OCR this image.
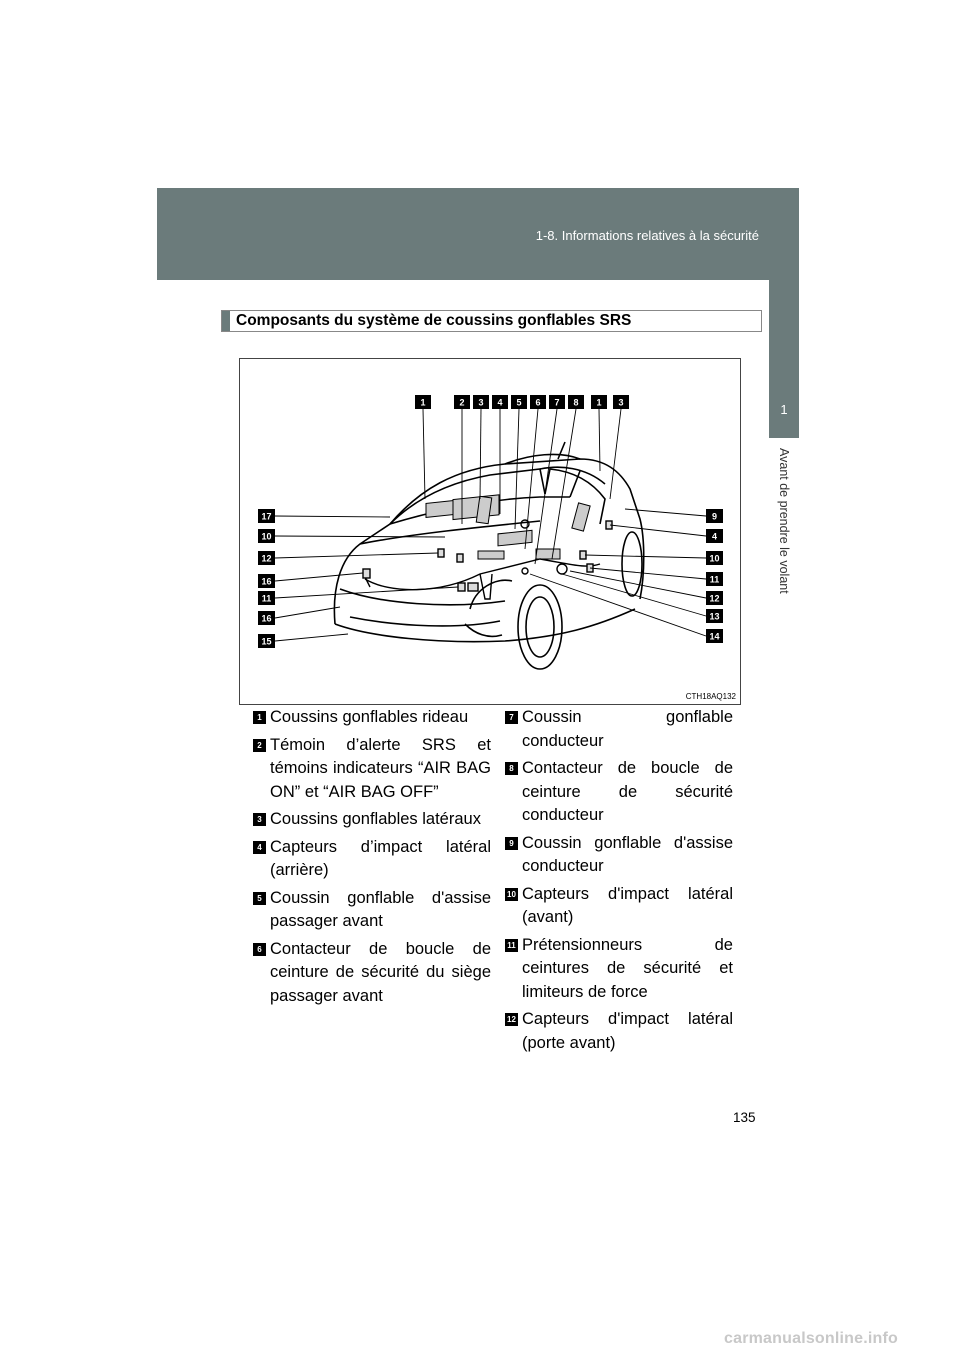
1-8. Informations relatives à la sécurité
1
Avant de prendre le volant
Composants du système de coussins gonflables SRS
1	2 3 4 5 6 7 8 1 3
17
10
12
16
11
16
15
9
4
10
11
12
13
14
CTH18AQ132
1 Coussins gonflables rideau
2 Témoin d’alerte SRS et témoins indicateurs “AIR BAG ON” et “AIR BAG OFF”
3 Coussins gonflables latéraux
4 Capteurs d’impact latéral (arrière)
5 Coussin gonflable d'assise passager avant
6 Contacteur de boucle de ceinture de sécurité du siège passager avant
7 Coussin gonflable conducteur
8 Contacteur de boucle de ceinture de sécurité conducteur
9 Coussin gonflable d'assise conducteur
10 Capteurs d'impact latéral (avant)
11 Prétensionneurs de ceintures de sécurité et limiteurs de force
12 Capteurs d'impact latéral (porte avant)
135
carmanualsonline.info
